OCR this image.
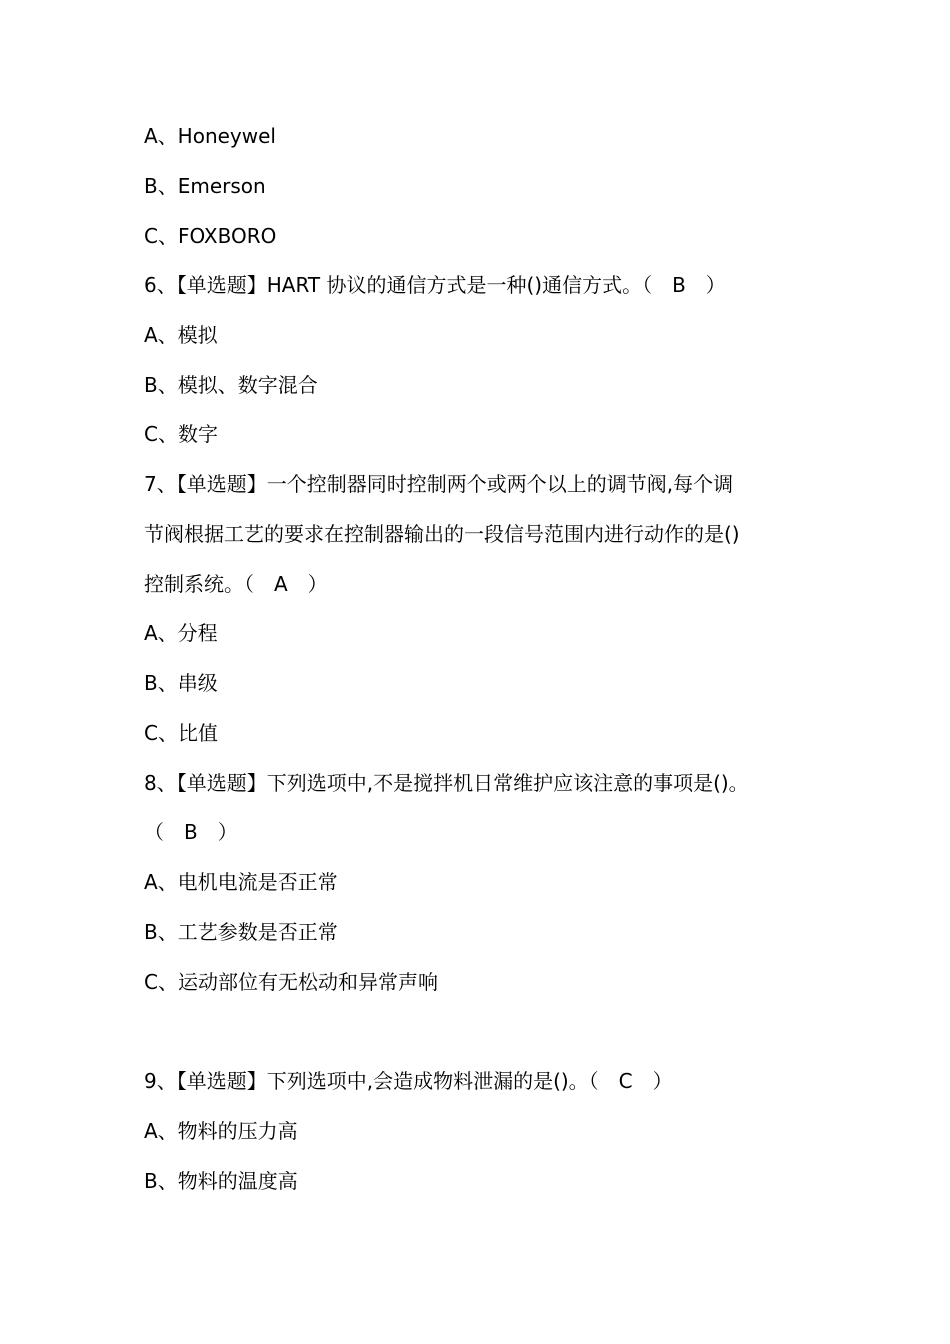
A、Honeywel
B、Emerson
C、FOXBORO
6、【单选题】HART 协议的通信方式是一种()通信方式。（　B　）
A、模拟
B、模拟、数字混合
C、数字
7、【单选题】一个控制器同时控制两个或两个以上的调节阀,每个调
节阀根据工艺的要求在控制器输出的一段信号范围内进行动作的是()
控制系统。（　A　）
A、分程
B、串级
C、比值
8、【单选题】下列选项中,不是搅拌机日常维护应该注意的事项是()。
（　B　）
A、电机电流是否正常
B、工艺参数是否正常
C、运动部位有无松动和异常声响
9、【单选题】下列选项中,会造成物料泄漏的是()。（　C　）
A、物料的压力高
B、物料的温度高
